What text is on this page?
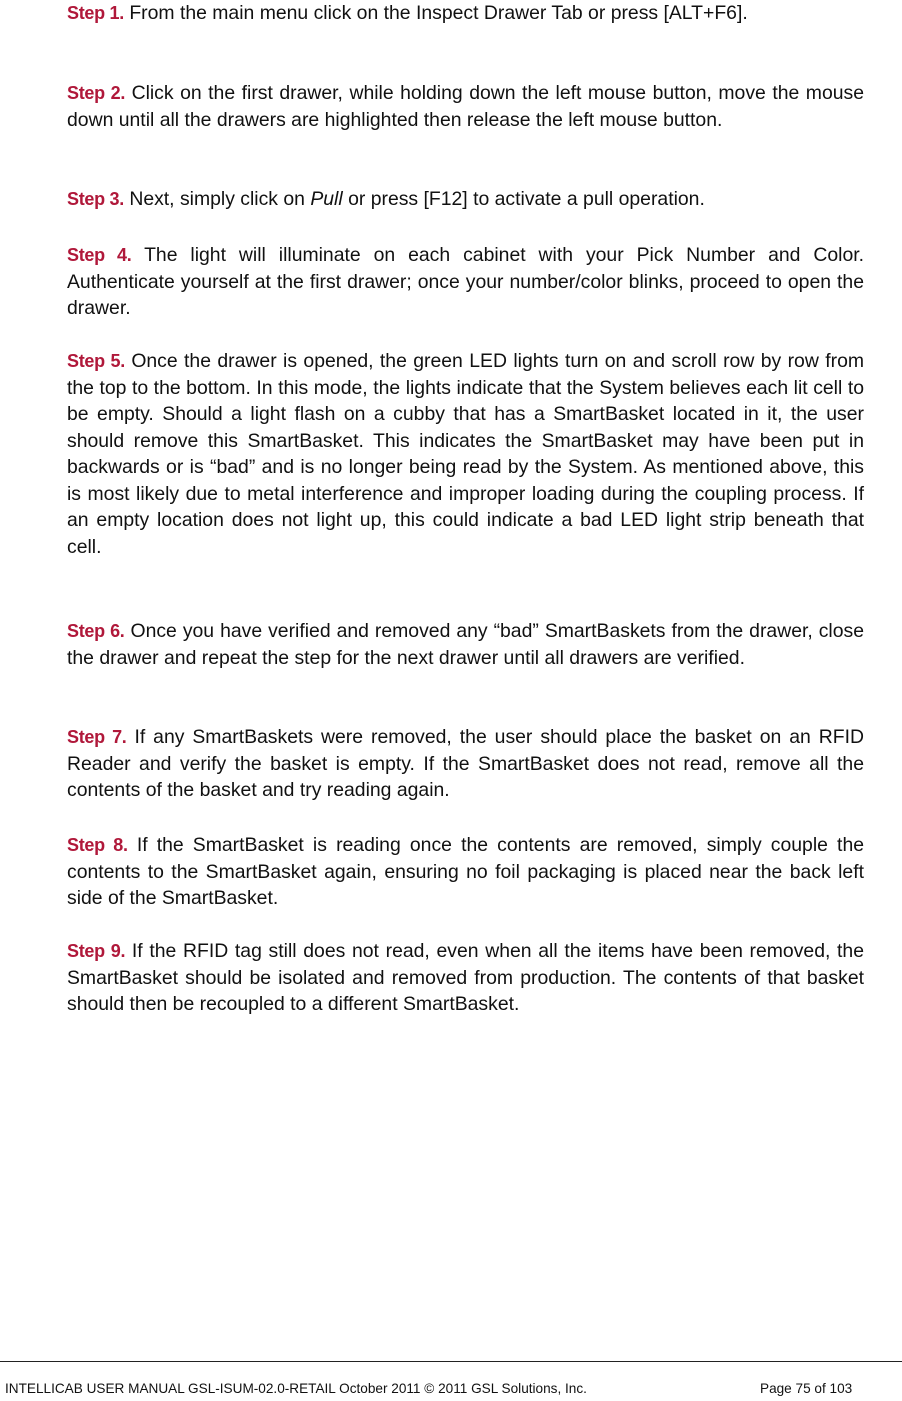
Step 1. From the main menu click on the Inspect Drawer Tab or press [ALT+F6].

Step 2. Click on the first drawer, while holding down the left mouse button, move the mouse down until all the drawers are highlighted then release the left mouse button.

Step 3. Next, simply click on Pull or press [F12] to activate a pull operation.

Step 4. The light will illuminate on each cabinet with your Pick Number and Color. Authenticate yourself at the first drawer; once your number/color blinks, proceed to open the drawer.

Step 5. Once the drawer is opened, the green LED lights turn on and scroll row by row from the top to the bottom. In this mode, the lights indicate that the System believes each lit cell to be empty. Should a light flash on a cubby that has a SmartBasket located in it, the user should remove this SmartBasket. This indicates the SmartBasket may have been put in backwards or is “bad” and is no longer being read by the System. As mentioned above, this is most likely due to metal interference and improper loading during the coupling process. If an empty location does not light up, this could indicate a bad LED light strip beneath that cell.

Step 6. Once you have verified and removed any “bad” SmartBaskets from the drawer, close the drawer and repeat the step for the next drawer until all drawers are verified.

Step 7. If any SmartBaskets were removed, the user should place the basket on an RFID Reader and verify the basket is empty. If the SmartBasket does not read, remove all the contents of the basket and try reading again.

Step 8. If the SmartBasket is reading once the contents are removed, simply couple the contents to the SmartBasket again, ensuring no foil packaging is placed near the back left side of the SmartBasket.

Step 9. If the RFID tag still does not read, even when all the items have been removed, the SmartBasket should be isolated and removed from production. The contents of that basket should then be recoupled to a different SmartBasket.

INTELLICAB USER MANUAL GSL-ISUM-02.0-RETAIL October 2011 © 2011 GSL Solutions, Inc.	Page 75 of 103
